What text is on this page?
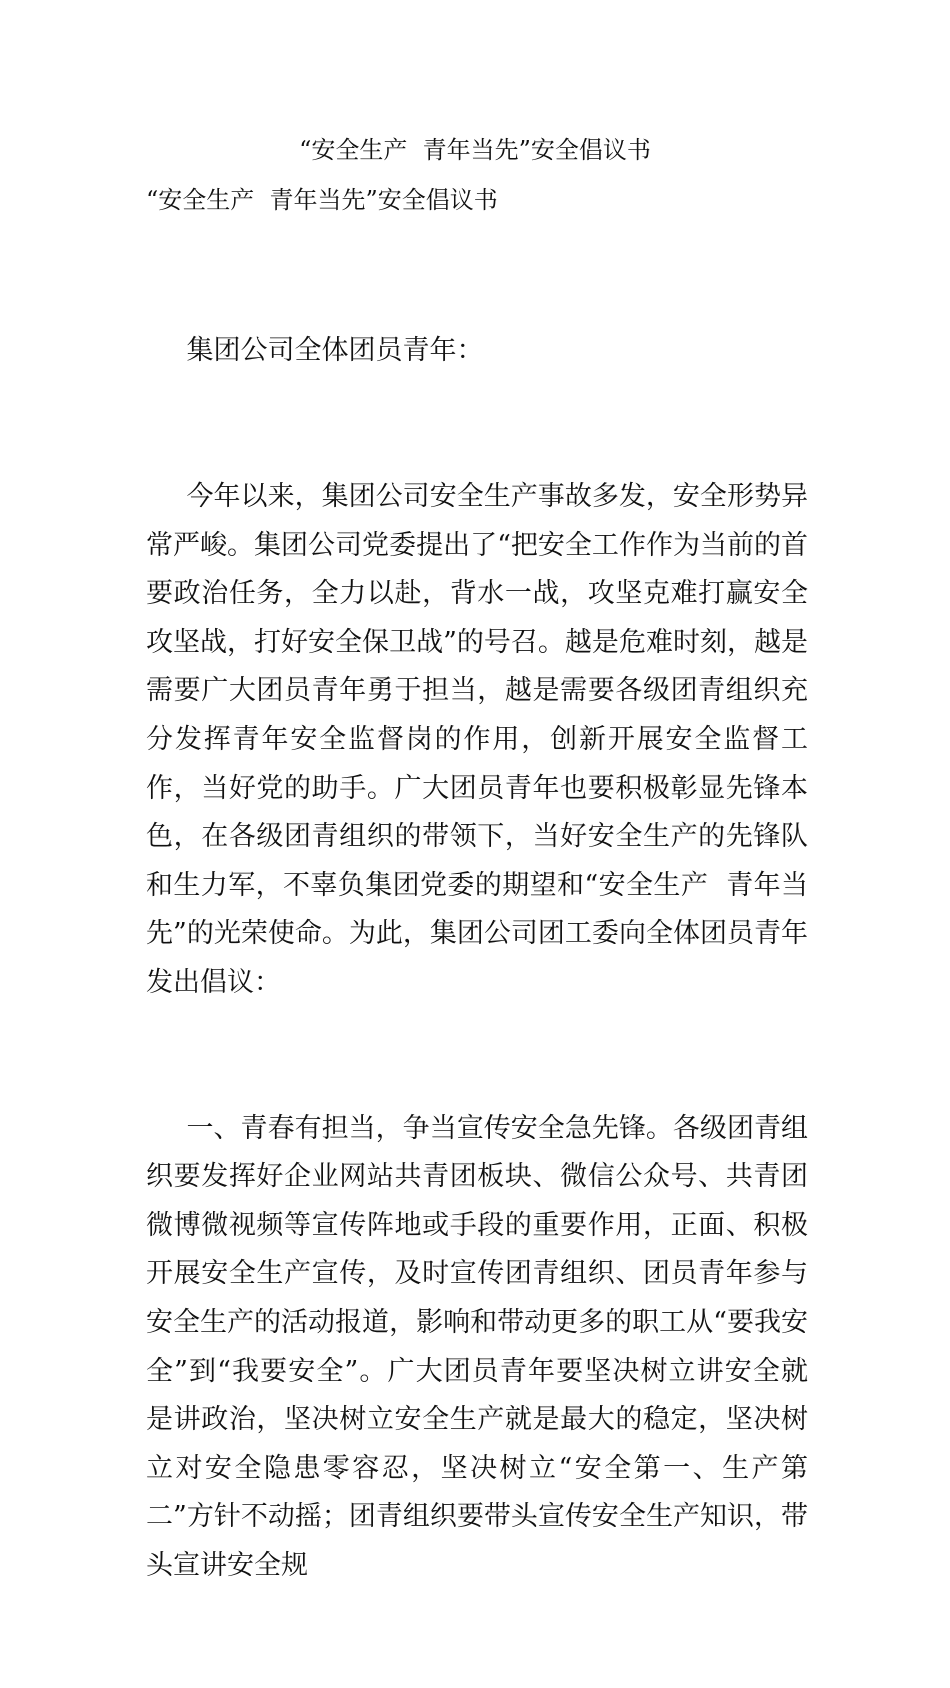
“安全生产  青年当先”安全倡议书
“安全生产  青年当先”安全倡议书

集团公司全体团员青年：

今年以来，集团公司安全生产事故多发，安全形势异常严峻。集团公司党委提出了“把安全工作作为当前的首要政治任务，全力以赴，背水一战，攻坚克难打赢安全攻坚战，打好安全保卫战”的号召。越是危难时刻，越是需要广大团员青年勇于担当，越是需要各级团青组织充分发挥青年安全监督岗的作用，创新开展安全监督工作，当好党的助手。广大团员青年也要积极彰显先锋本色，在各级团青组织的带领下，当好安全生产的先锋队和生力军，不辜负集团党委的期望和“安全生产  青年当先”的光荣使命。为此，集团公司团工委向全体团员青年发出倡议：

一、青春有担当，争当宣传安全急先锋。各级团青组织要发挥好企业网站共青团板块、微信公众号、共青团微博微视频等宣传阵地或手段的重要作用，正面、积极开展安全生产宣传，及时宣传团青组织、团员青年参与安全生产的活动报道，影响和带动更多的职工从“要我安全”到“我要安全”。广大团员青年要坚决树立讲安全就是讲政治，坚决树立安全生产就是最大的稳定，坚决树立对安全隐患零容忍，坚决树立“安全第一、生产第二”方针不动摇；团青组织要带头宣传安全生产知识，带头宣讲安全规
